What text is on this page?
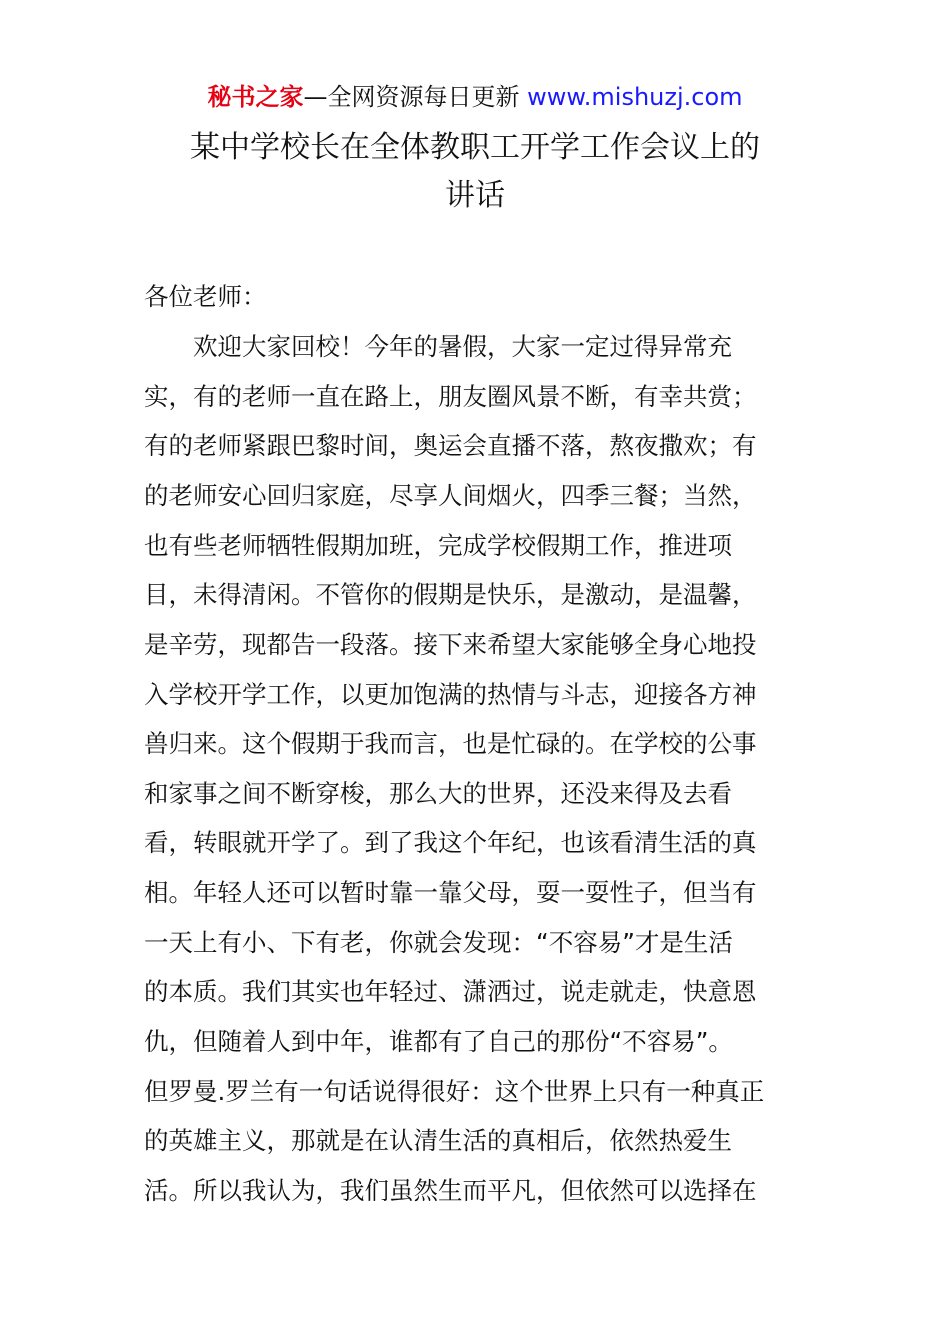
秘书之家—全网资源每日更新 www.mishuzj.com
某中学校长在全体教职工开学工作会议上的
讲话
各位老师：
　　欢迎大家回校！今年的暑假，大家一定过得异常充
实，有的老师一直在路上，朋友圈风景不断，有幸共赏；
有的老师紧跟巴黎时间，奥运会直播不落，熬夜撒欢；有
的老师安心回归家庭，尽享人间烟火，四季三餐；当然，
也有些老师牺牲假期加班，完成学校假期工作，推进项
目，未得清闲。不管你的假期是快乐，是激动，是温馨，
是辛劳，现都告一段落。接下来希望大家能够全身心地投
入学校开学工作，以更加饱满的热情与斗志，迎接各方神
兽归来。这个假期于我而言，也是忙碌的。在学校的公事
和家事之间不断穿梭，那么大的世界，还没来得及去看
看，转眼就开学了。到了我这个年纪，也该看清生活的真
相。年轻人还可以暂时靠一靠父母，耍一耍性子，但当有
一天上有小、下有老，你就会发现：“不容易”才是生活
的本质。我们其实也年轻过、潇洒过，说走就走，快意恩
仇，但随着人到中年，谁都有了自己的那份“不容易”。
但罗曼.罗兰有一句话说得很好：这个世界上只有一种真正
的英雄主义，那就是在认清生活的真相后，依然热爱生
活。所以我认为，我们虽然生而平凡，但依然可以选择在
